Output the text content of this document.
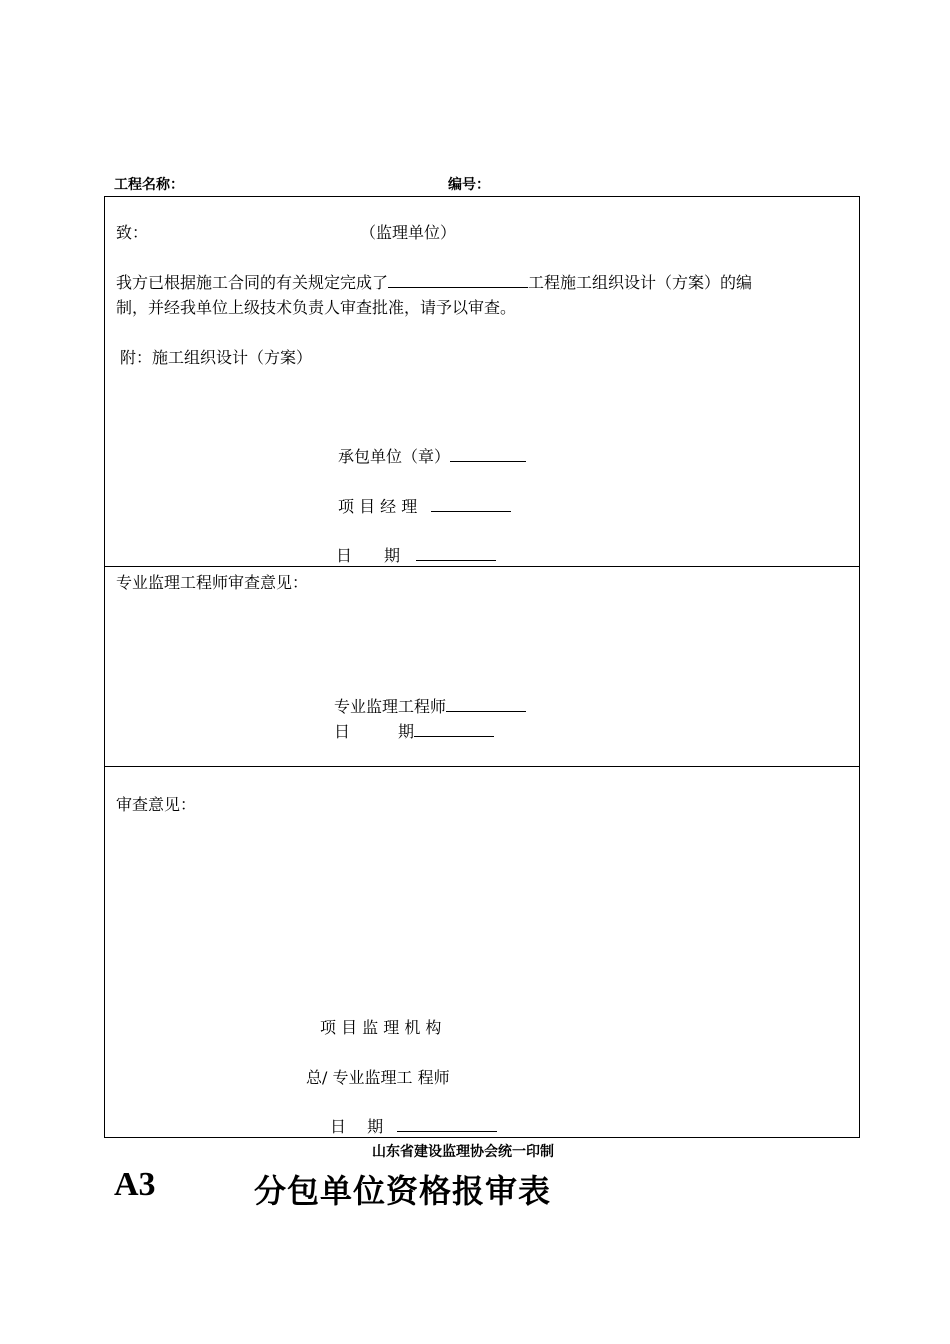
工程名称：	编号：
致：	（监理单位）
我方已根据施工合同的有关规定完成了	工程施工组织设计（方案）的编
制，并经我单位上级技术负责人审查批准，请予以审查。
附：施工组织设计（方案）
承包单位（章）
项 目 经 理
日　　期
专业监理工程师审查意见：
专业监理工程师
日　　　期
审查意见：
项 目 监 理 机 构
总/ 专业监理工 程师
日　 期
山东省建设监理协会统一印制
A3	分包单位资格报审表
